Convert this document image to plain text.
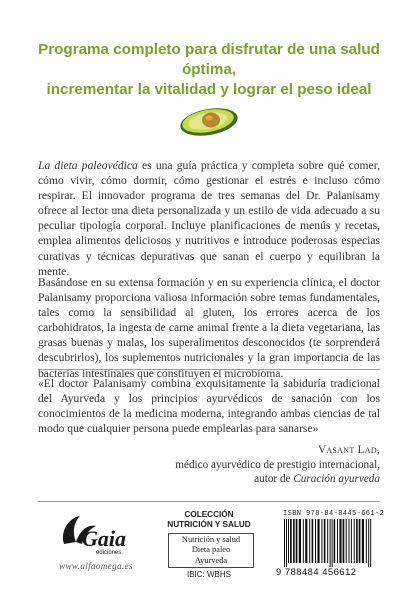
Programa completo para disfrutar de una salud óptima,
incrementar la vitalidad y lograr el peso ideal

La dieta paleovédica es una guía práctica y completa sobre qué comer, cómo vivir, cómo dormir, cómo gestionar el estrés e incluso cómo respirar. El innovador programa de tres semanas del Dr. Palanisamy ofrece al lector una dieta personalizada y un estilo de vida adecuado a su peculiar tipología corporal. Incluye planificaciones de menús y recetas, emplea alimentos deliciosos y nutritivos e introduce poderosas especias curativas y técnicas depurativas que sanan el cuerpo y equilibran la mente.

Basándose en su extensa formación y en su experiencia clínica, el doctor Palanisamy proporciona valiosa información sobre temas fundamentales, tales como la sensibilidad al gluten, los errores acerca de los carbohidratos, la ingesta de carne animal frente a la dieta vegetariana, las grasas buenas y malas, los superalimentos desconocidos (te sorprenderá descubrirlos), los suplementos nutricionales y la gran importancia de las bacterias intestinales que constituyen el microbioma.

«El doctor Palanisamy combina exquisitamente la sabiduría tradicional del Ayurveda y los principios ayurvédicos de sanación con los conocimientos de la medicina moderna, integrando ambas ciencias de tal modo que cualquier persona puede emplearlas para sanarse»

Vasant Lad,
médico ayurvédico de prestigio internacional,
autor de Curación ayurveda
Gaia
ediciones
www.alfaomega.es
COLECCIÓN
NUTRICIÓN Y SALUD
Nutrición y salud
Dieta paleo
Ayurveda
IBIC: WBHS
ISBN 978-84-8445-661-2
9 788484 456612
